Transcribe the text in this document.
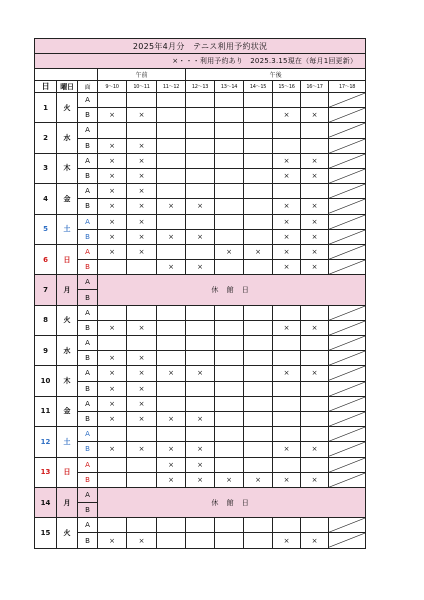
2025年4月分　テニス利用予約状況											
×・・・利用予約あり　2025.3.15現在（毎月1回更新）											
			午前			午後					
日	曜日	面	9～10	10～11	11～12	12～13	13～14	14～15	15～16	16～17	17～18
1	火	A									

		B	×	×					×	×	

2	水	A									

		B	×	×							

3	木	A	×	×					×	×	

		B	×	×					×	×	

4	金	A	×	×							

		B	×	×	×	×			×	×	

5	土	A	×	×					×	×	

		B	×	×	×	×			×	×	

6	日	A	×	×			×	×	×	×	

		B			×	×			×	×	

7	月	A	休 館 日								
		B									
8	火	A									

		B	×	×					×	×	

9	水	A									

		B	×	×							

10	木	A	×	×	×	×			×	×	

		B	×	×							

11	金	A	×	×							

		B	×	×	×	×					

12	土	A									

		B	×	×	×	×			×	×	

13	日	A			×	×					

		B			×	×	×	×	×	×	

14	月	A	休 館 日								
		B									
15	火	A									

		B	×	×					×	×	
